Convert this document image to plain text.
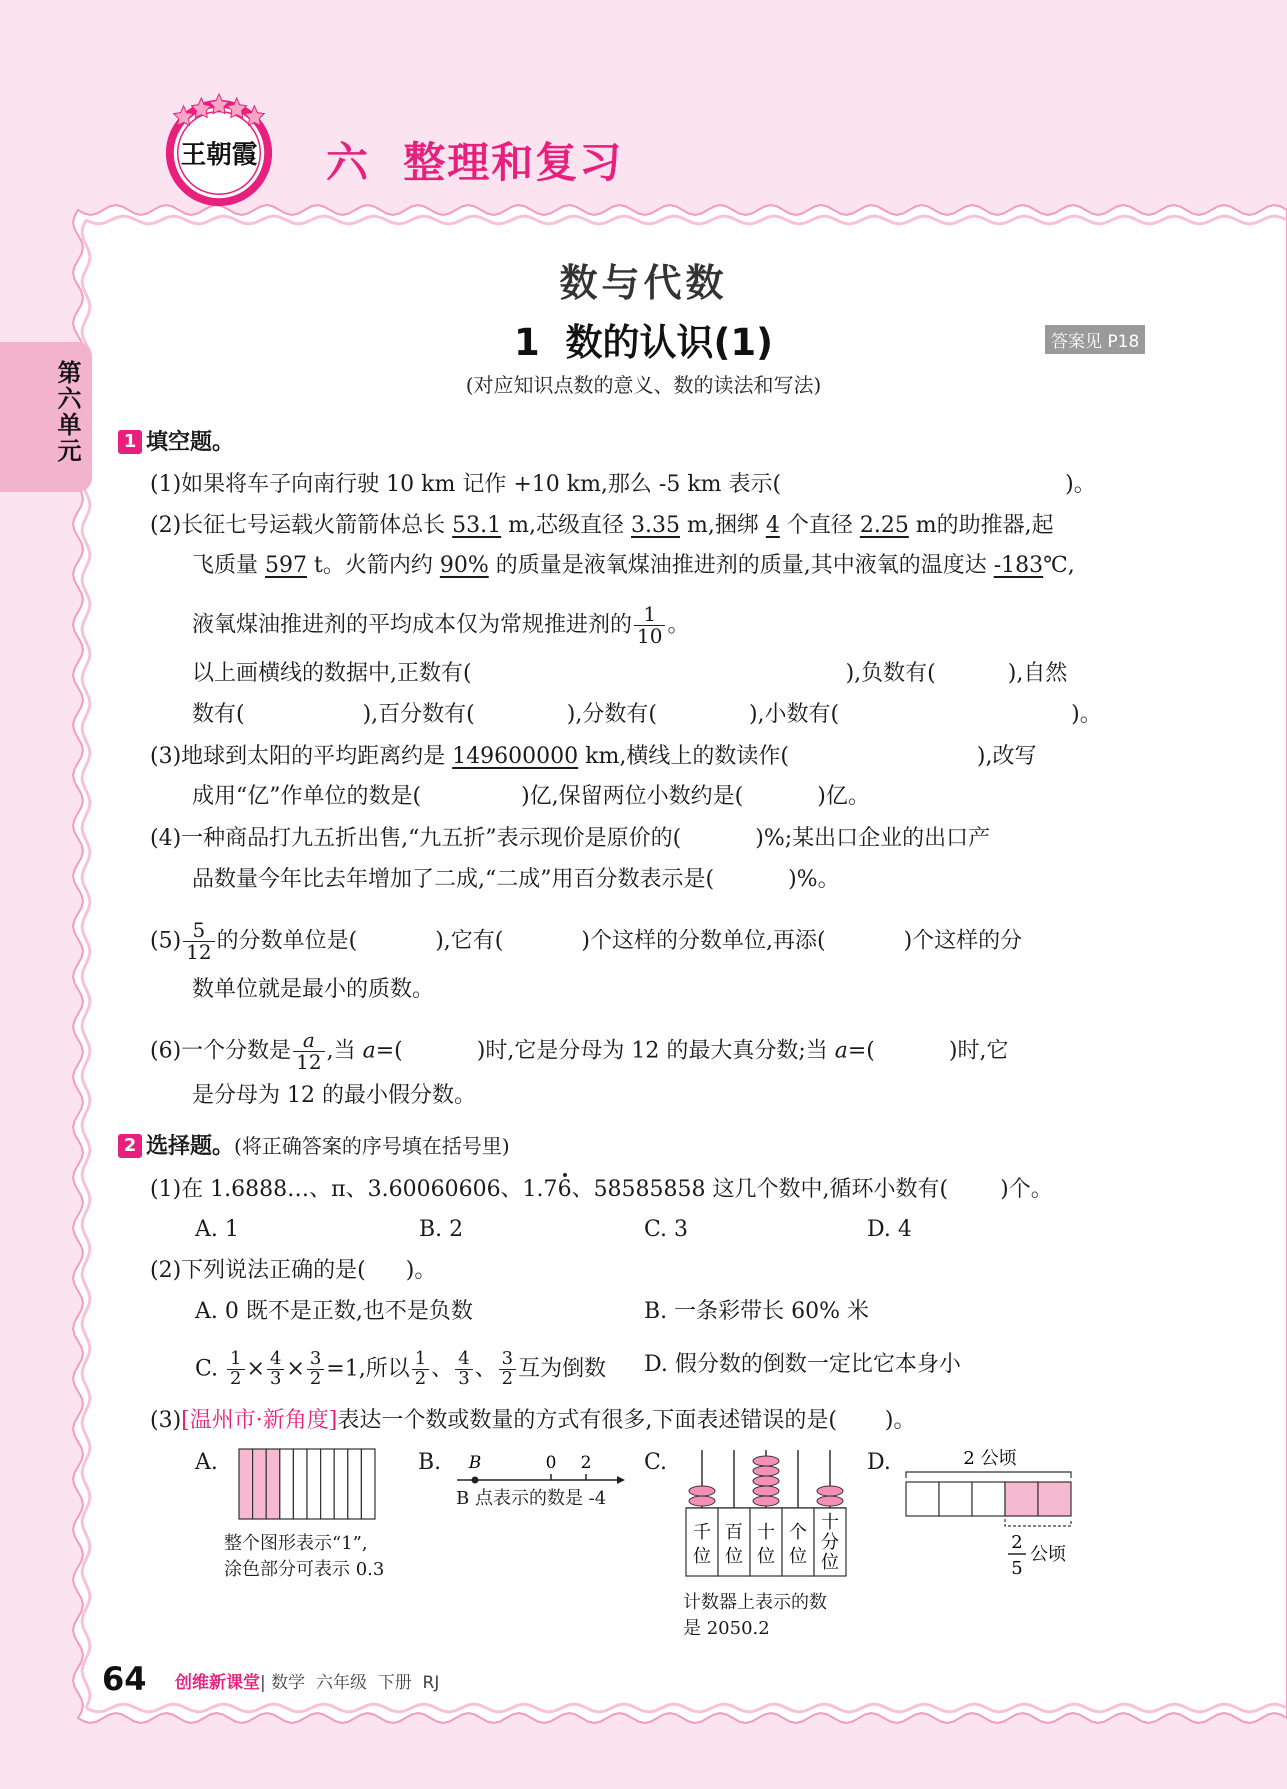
王朝霞 六  整理和复习
第六单元
数与代数
1  数的认识(1)	答案见 P18
(对应知识点数的意义、数的读法和写法)
1 填空题。
(1)如果将车子向南行驶 10 km 记作 +10 km,那么 -5 km 表示(	)。
(2)长征七号运载火箭箭体总长 53.1 m,芯级直径 3.35 m,捆绑 4 个直径 2.25 m的助推器,起
飞质量 597 t。火箭内约 90% 的质量是液氧煤油推进剂的质量,其中液氧的温度达 -183℃,
液氧煤油推进剂的平均成本仅为常规推进剂的 $\frac{1}{10}$ 。
以上画横线的数据中,正数有(	),负数有(	),自然
数有(	),百分数有(	),分数有(	),小数有(	)。
(3)地球到太阳的平均距离约是 149600000 km,横线上的数读作(	),改写
成用“亿”作单位的数是(	)亿,保留两位小数约是(	)亿。
(4)一种商品打九五折出售,“九五折”表示现价是原价的(	)%;某出口企业的出口产
品数量今年比去年增加了二成,“二成”用百分数表示是(	)%。
$(5) \frac{5}{12}$ 的分数单位是(	),它有(	)个这样的分数单位,再添(	)个这样的分
数单位就是最小的质数。
(6)一个分数是 $\frac{a}{12}$ ,当 a=(	)时,它是分母为 12 的最大真分数;当 a=(	)时,它
是分母为 12 的最小假分数。
2 选择题。(将正确答案的序号填在括号里)
(1)在 1.6888…、π、3.60060606、1.76、58585858 这几个数中,循环小数有( )个。
A. 1	B. 2	C. 3	D. 4
(2)下列说法正确的是( )。
A. 0 既不是正数,也不是负数	B. 一条彩带长 60% 米
C. $\frac{1}{2} \times \frac{4}{3} \times \frac{3}{2} =1$,所以 $\frac{1}{2}$ 、 $\frac{4}{3}$ 、 $\frac{3}{2}$ 互为倒数 D. 假分数的倒数一定比它本身小
(3)[温州市·新角度]表达一个数或数量的方式有很多,下面表述错误的是( )。
A.
整个图形表示“1”,
涂色部分可表示 0.3
B. B	0 2
B 点表示的数是 -4
C.
千
位
百
位
十
位
个
位
十
分
位
计数器上表示的数
是 2050.2
D.	2 公顷
2
5
公顷
64 创维新课堂| 数学  六年级  下册  RJ
